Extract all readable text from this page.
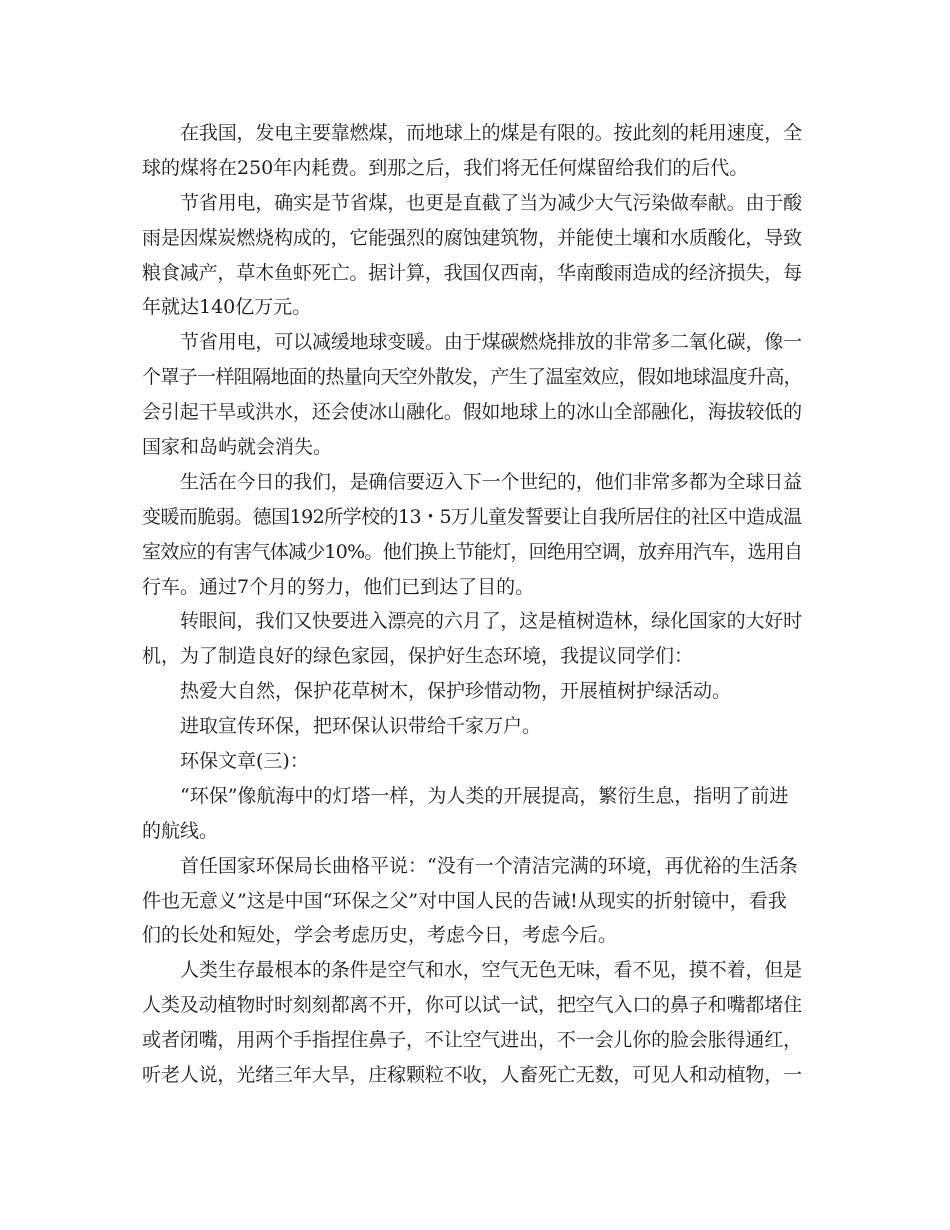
在我国，发电主要靠燃煤，而地球上的煤是有限的。按此刻的耗用速度，全
球的煤将在250年内耗费。到那之后，我们将无任何煤留给我们的后代。
节省用电，确实是节省煤，也更是直截了当为减少大气污染做奉献。由于酸
雨是因煤炭燃烧构成的，它能强烈的腐蚀建筑物，并能使土壤和水质酸化，导致
粮食减产，草木鱼虾死亡。据计算，我国仅西南，华南酸雨造成的经济损失，每
年就达140亿万元。
节省用电，可以减缓地球变暖。由于煤碳燃烧排放的非常多二氧化碳，像一
个罩子一样阻隔地面的热量向天空外散发，产生了温室效应，假如地球温度升高，
会引起干旱或洪水，还会使冰山融化。假如地球上的冰山全部融化，海拔较低的
国家和岛屿就会消失。
生活在今日的我们，是确信要迈入下一个世纪的，他们非常多都为全球日益
变暖而脆弱。德国192所学校的13・5万儿童发誓要让自我所居住的社区中造成温
室效应的有害气体减少10%。他们换上节能灯，回绝用空调，放弃用汽车，选用自
行车。通过7个月的努力，他们已到达了目的。
转眼间，我们又快要进入漂亮的六月了，这是植树造林，绿化国家的大好时
机，为了制造良好的绿色家园，保护好生态环境，我提议同学们：
热爱大自然，保护花草树木，保护珍惜动物，开展植树护绿活动。
进取宣传环保，把环保认识带给千家万户。
环保文章(三)：
“环保”像航海中的灯塔一样，为人类的开展提高，繁衍生息，指明了前进
的航线。
首任国家环保局长曲格平说：“没有一个清洁完满的环境，再优裕的生活条
件也无意义”这是中国“环保之父”对中国人民的告诫!从现实的折射镜中，看我
们的长处和短处，学会考虑历史，考虑今日，考虑今后。
人类生存最根本的条件是空气和水，空气无色无味，看不见，摸不着，但是
人类及动植物时时刻刻都离不开，你可以试一试，把空气入口的鼻子和嘴都堵住
或者闭嘴，用两个手指捏住鼻子，不让空气进出，不一会儿你的脸会胀得通红，
听老人说，光绪三年大旱，庄稼颗粒不收，人畜死亡无数，可见人和动植物，一
